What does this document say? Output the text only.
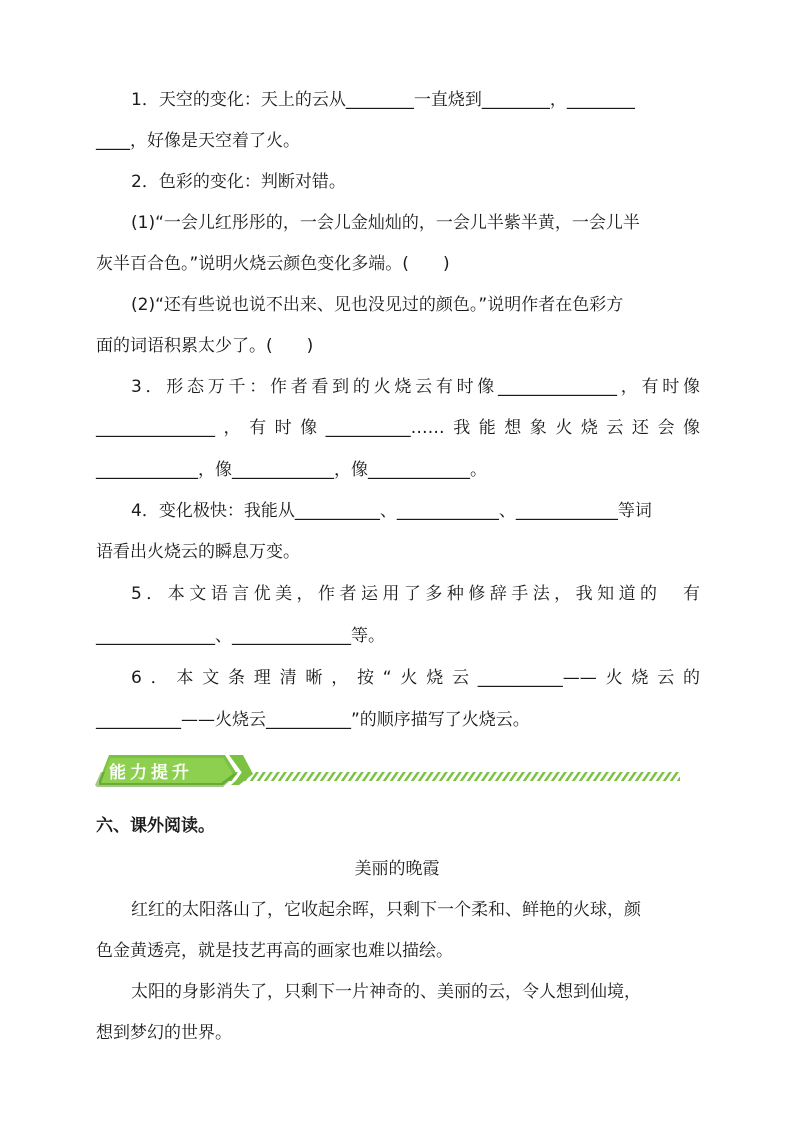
1．天空的变化：天上的云从________一直烧到________，________
____，好像是天空着了火。
2．色彩的变化：判断对错。
(1)“一会儿红彤彤的，一会儿金灿灿的，一会儿半紫半黄，一会儿半
灰半百合色。”说明火烧云颜色变化多端。(　　)
(2)“还有些说也说不出来、见也没见过的颜色。”说明作者在色彩方
面的词语积累太少了。(　　)
3．形态万千：作者看到的火烧云有时像______________，有时像
______________，有时像__________……我能想象火烧云还会像
____________，像____________，像____________。
4．变化极快：我能从__________、____________、____________等词
语看出火烧云的瞬息万变。
5．本文语言优美，作者运用了多种修辞手法，我知道的　有
______________、______________等。
6．本文条理清晰，按“火烧云__________——火烧云的
__________——火烧云__________”的顺序描写了火烧云。
能力提升
六、课外阅读。
美丽的晚霞
红红的太阳落山了，它收起余晖，只剩下一个柔和、鲜艳的火球，颜
色金黄透亮，就是技艺再高的画家也难以描绘。
太阳的身影消失了，只剩下一片神奇的、美丽的云，令人想到仙境，
想到梦幻的世界。
